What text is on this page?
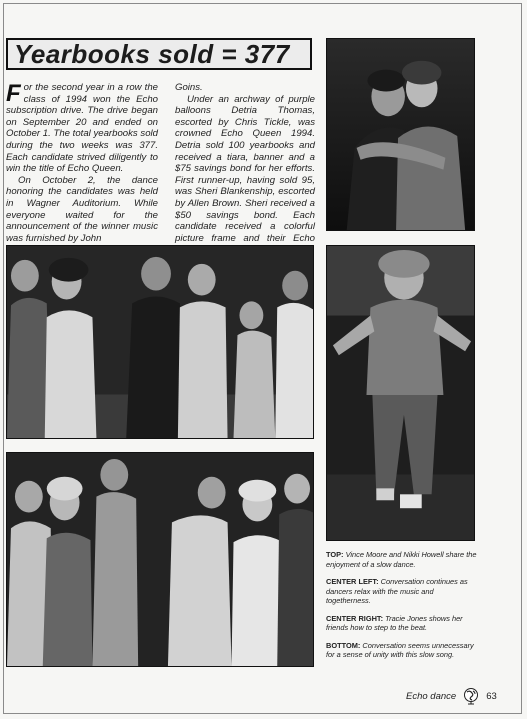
Yearbooks sold = 377

For the second year in a row the class of 1994 won the Echo subscription drive. The drive began on September 20 and ended on October 1. The total yearbooks sold during the two weeks was 377. Each candidate strived diligently to win the title of Echo Queen.

On October 2, the dance honoring the candidates was held in Wagner Auditorium. While everyone waited for the announcement of the winner music was furnished by John

Goins.

Under an archway of purple balloons Detria Thomas, escorted by Chris Tickle, was crowned Echo Queen 1994. Detria sold 100 yearbooks and received a tiara, banner and a $75 savings bond for her efforts. First runner-up, having sold 95, was Sheri Blankenship, escorted by Allen Brown. Sheri received a $50 savings bond. Each candidate received a colorful picture frame and their Echo

TOP: Vince Moore and Nikki Howell share the enjoyment of a slow dance.

CENTER LEFT: Conversation continues as dancers relax with the music and togetherness.

CENTER RIGHT: Tracie Jones shows her friends how to step to the beat.

BOTTOM: Conversation seems unnecessary for a sense of unity with this slow song.

Echo dance	63
